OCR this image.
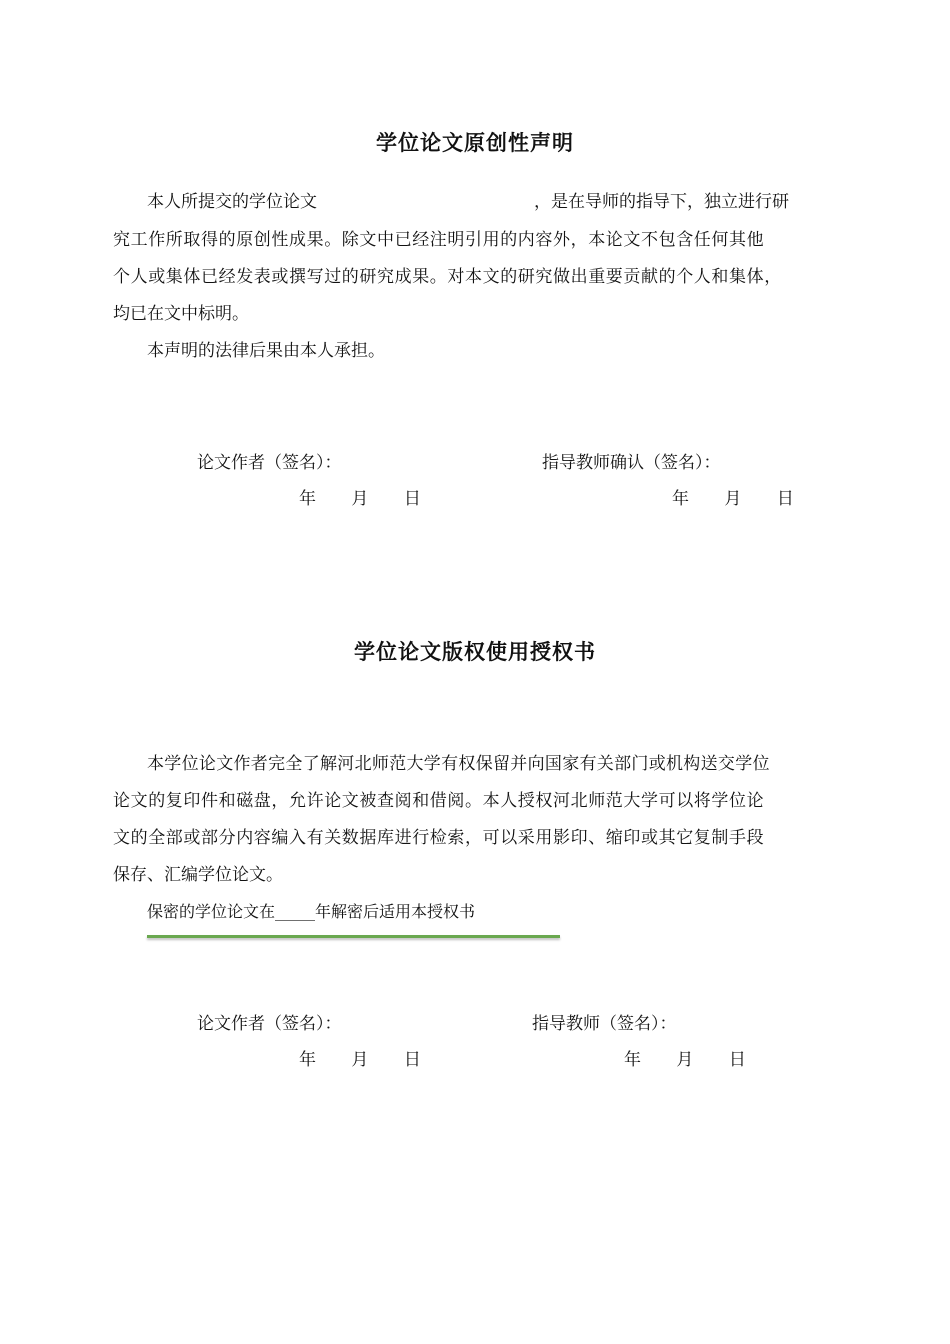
学位论文原创性声明
本人所提交的学位论文	，是在导师的指导下，独立进行研
究工作所取得的原创性成果。除文中已经注明引用的内容外，本论文不包含任何其他
个人或集体已经发表或撰写过的研究成果。对本文的研究做出重要贡献的个人和集体，
均已在文中标明。
本声明的法律后果由本人承担。
论文作者（签名）：	指导教师确认（签名）：
年 月 日	年 月 日
学位论文版权使用授权书
本学位论文作者完全了解河北师范大学有权保留并向国家有关部门或机构送交学位
论文的复印件和磁盘，允许论文被查阅和借阅。本人授权河北师范大学可以将学位论
文的全部或部分内容编入有关数据库进行检索，可以采用影印、缩印或其它复制手段
保存、汇编学位论文。
保密的学位论文在_____年解密后适用本授权书
论文作者（签名）：	指导教师（签名）：
年 月 日	年 月 日
